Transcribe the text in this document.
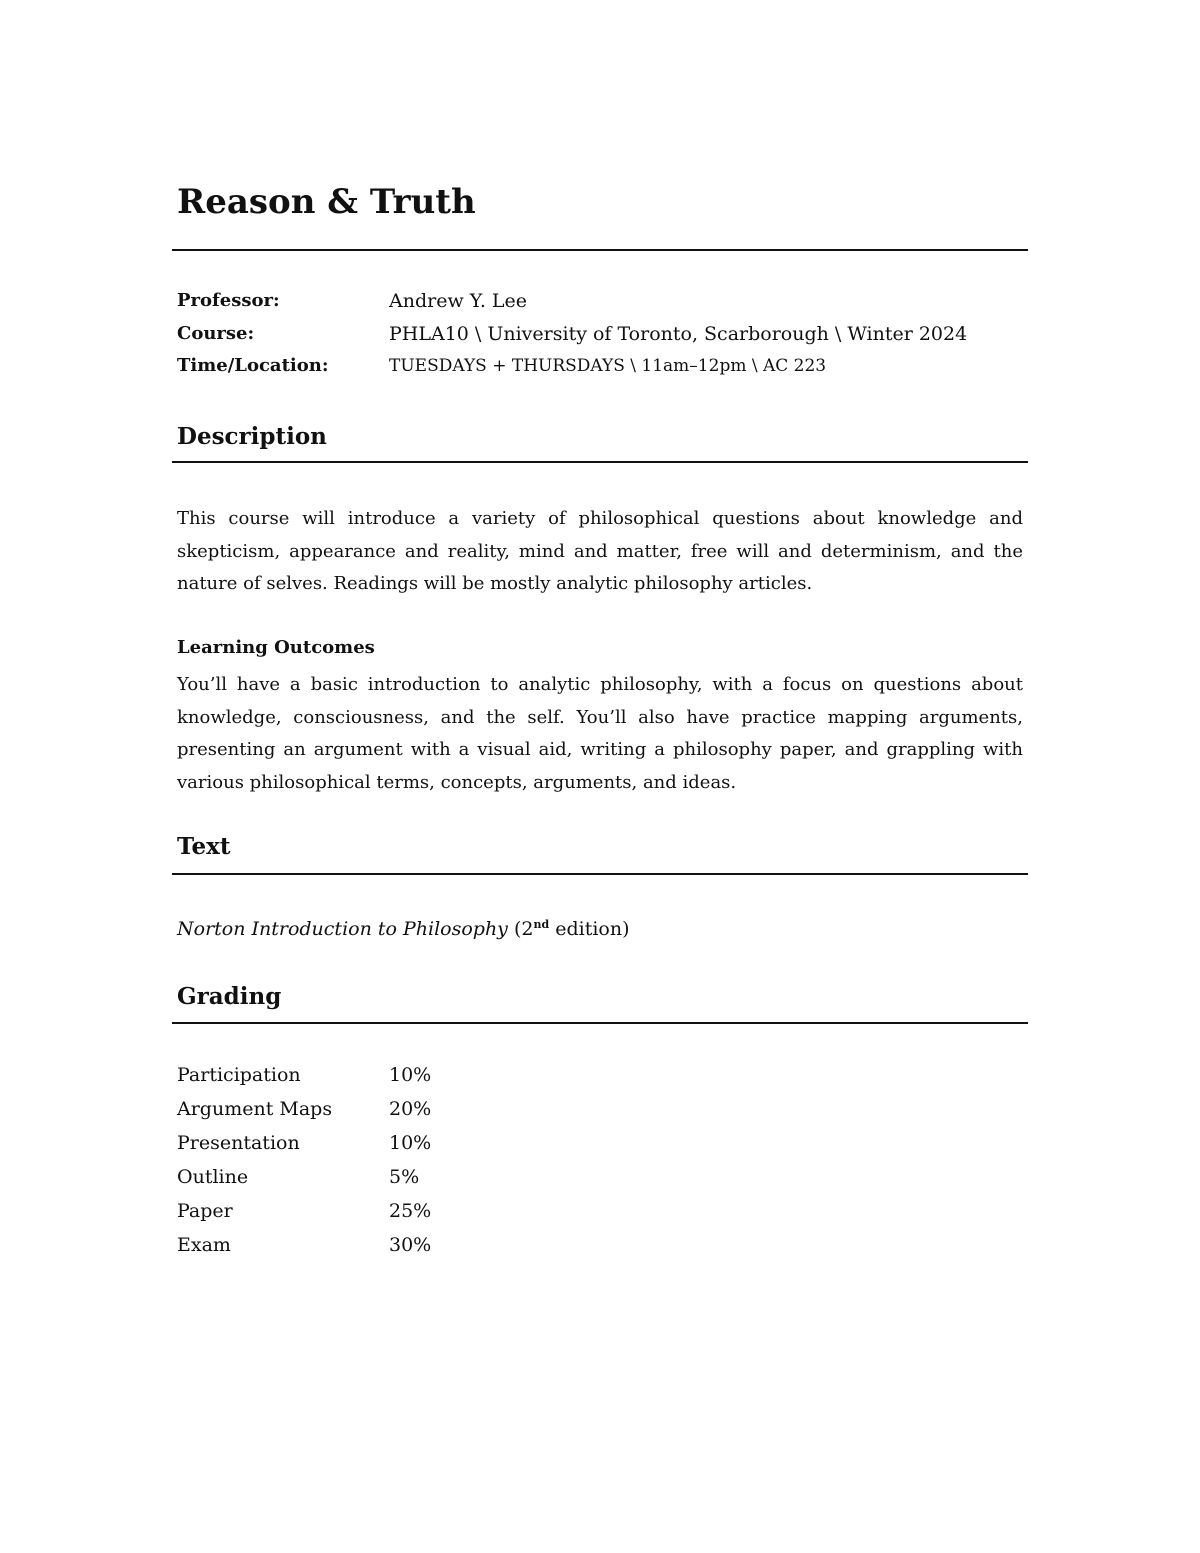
Reason & Truth
Professor:	Andrew Y. Lee
Course:	PHLA10 \ University of Toronto, Scarborough \ Winter 2024
Time/Location:	TUESDAYS + THURSDAYS \ 11am–12pm \ AC 223
Description

This course will introduce a variety of philosophical questions about knowledge and skepticism, appearance and reality, mind and matter, free will and determinism, and the nature of selves. Readings will be mostly analytic philosophy articles.

Learning Outcomes

You’ll have a basic introduction to analytic philosophy, with a focus on questions about knowledge, consciousness, and the self. You’ll also have practice mapping arguments, presenting an argument with a visual aid, writing a philosophy paper, and grappling with various philosophical terms, concepts, arguments, and ideas.

Text
Norton Introduction to Philosophy (2nd edition)
Grading
Participation	10%
Argument Maps	20%
Presentation	10%
Outline	5%
Paper	25%
Exam	30%
